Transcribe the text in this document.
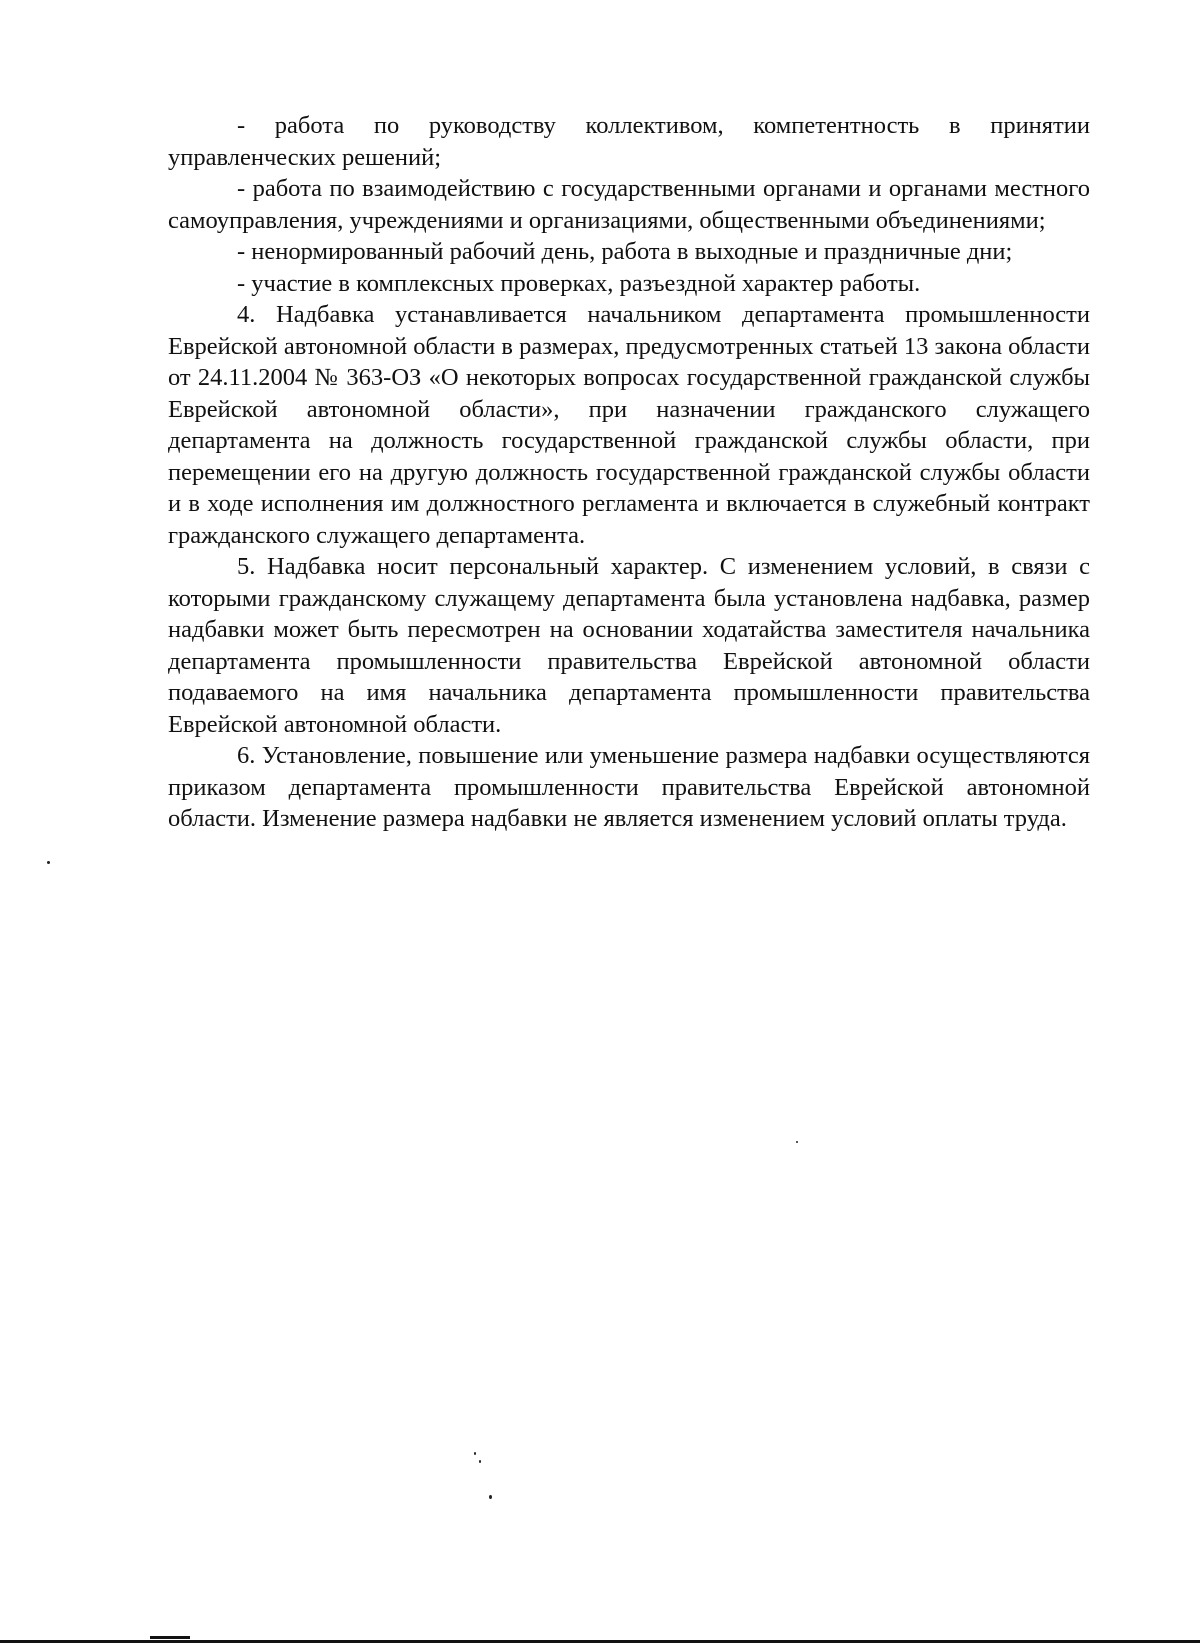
- работа по руководству коллективом, компетентность в принятии управленческих решений;

- работа по взаимодействию с государственными органами и органами местного самоуправления, учреждениями и организациями, общественными объединениями;

- ненормированный рабочий день, работа в выходные и праздничные дни;

- участие в комплексных проверках, разъездной характер работы.

4. Надбавка устанавливается начальником департамента промышленности Еврейской автономной области в размерах, предусмотренных статьей 13 закона области от 24.11.2004 № 363-ОЗ «О некоторых вопросах государственной гражданской службы Еврейской автономной области», при назначении гражданского служащего департамента на должность государственной гражданской службы области, при перемещении его на другую должность государственной гражданской службы области и в ходе исполнения им должностного регламента и включается в служебный контракт гражданского служащего департамента.

5. Надбавка носит персональный характер. С изменением условий, в связи с которыми гражданскому служащему департамента была установлена надбавка, размер надбавки может быть пересмотрен на основании ходатайства заместителя начальника департамента промышленности правительства Еврейской автономной области подаваемого на имя начальника департамента промышленности правительства Еврейской автономной области.

6. Установление, повышение или уменьшение размера надбавки осуществляются приказом департамента промышленности правительства Еврейской автономной области. Изменение размера надбавки не является изменением условий оплаты труда.
